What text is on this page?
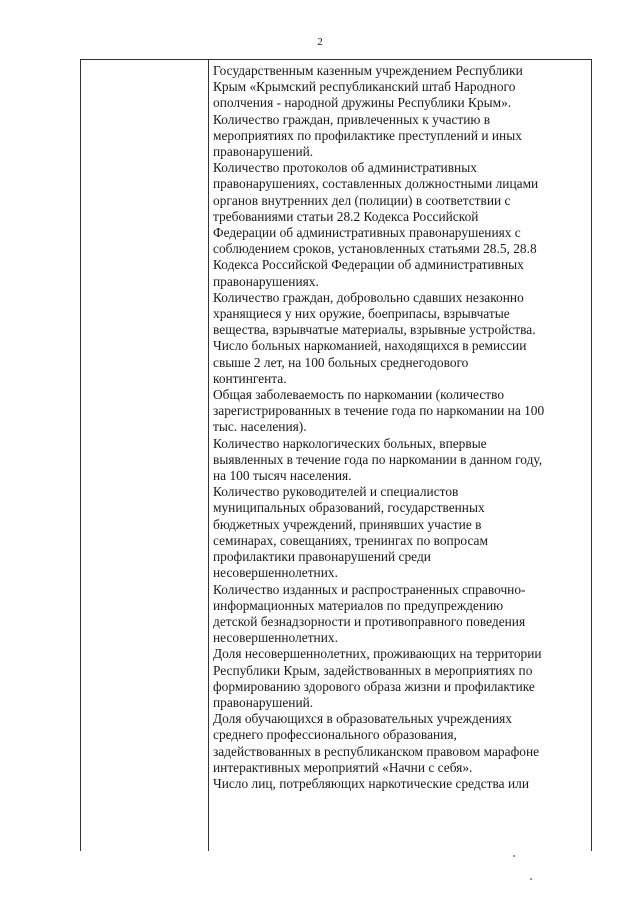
2

Государственным казенным учреждением Республики
Крым «Крымский республиканский штаб Народного
ополчения - народной дружины Республики Крым».

Количество граждан, привлеченных к участию в
мероприятиях по профилактике преступлений и иных
правонарушений.

Количество протоколов об административных
правонарушениях, составленных должностными лицами
органов внутренних дел (полиции) в соответствии с
требованиями статьи 28.2 Кодекса Российской
Федерации об административных правонарушениях с
соблюдением сроков, установленных статьями 28.5, 28.8
Кодекса Российской Федерации об административных
правонарушениях.

Количество граждан, добровольно сдавших незаконно
хранящиеся у них оружие, боеприпасы, взрывчатые
вещества, взрывчатые материалы, взрывные устройства.

Число больных наркоманией, находящихся в ремиссии
свыше 2 лет, на 100 больных среднегодового
контингента.

Общая заболеваемость по наркомании (количество
зарегистрированных в течение года по наркомании на 100
тыс. населения).

Количество наркологических больных, впервые
выявленных в течение года по наркомании в данном году,
на 100 тысяч населения.

Количество руководителей и специалистов
муниципальных образований, государственных
бюджетных учреждений, принявших участие в
семинарах, совещаниях, тренингах по вопросам
профилактики правонарушений среди
несовершеннолетних.

Количество изданных и распространенных справочно-
информационных материалов по предупреждению
детской безнадзорности и противоправного поведения
несовершеннолетних.

Доля несовершеннолетних, проживающих на территории
Республики Крым, задействованных в мероприятиях по
формированию здорового образа жизни и профилактике
правонарушений.

Доля обучающихся в образовательных учреждениях
среднего профессионального образования,
задействованных в республиканском правовом марафоне
интерактивных мероприятий «Начни с себя».

Число лиц, потребляющих наркотические средства или
